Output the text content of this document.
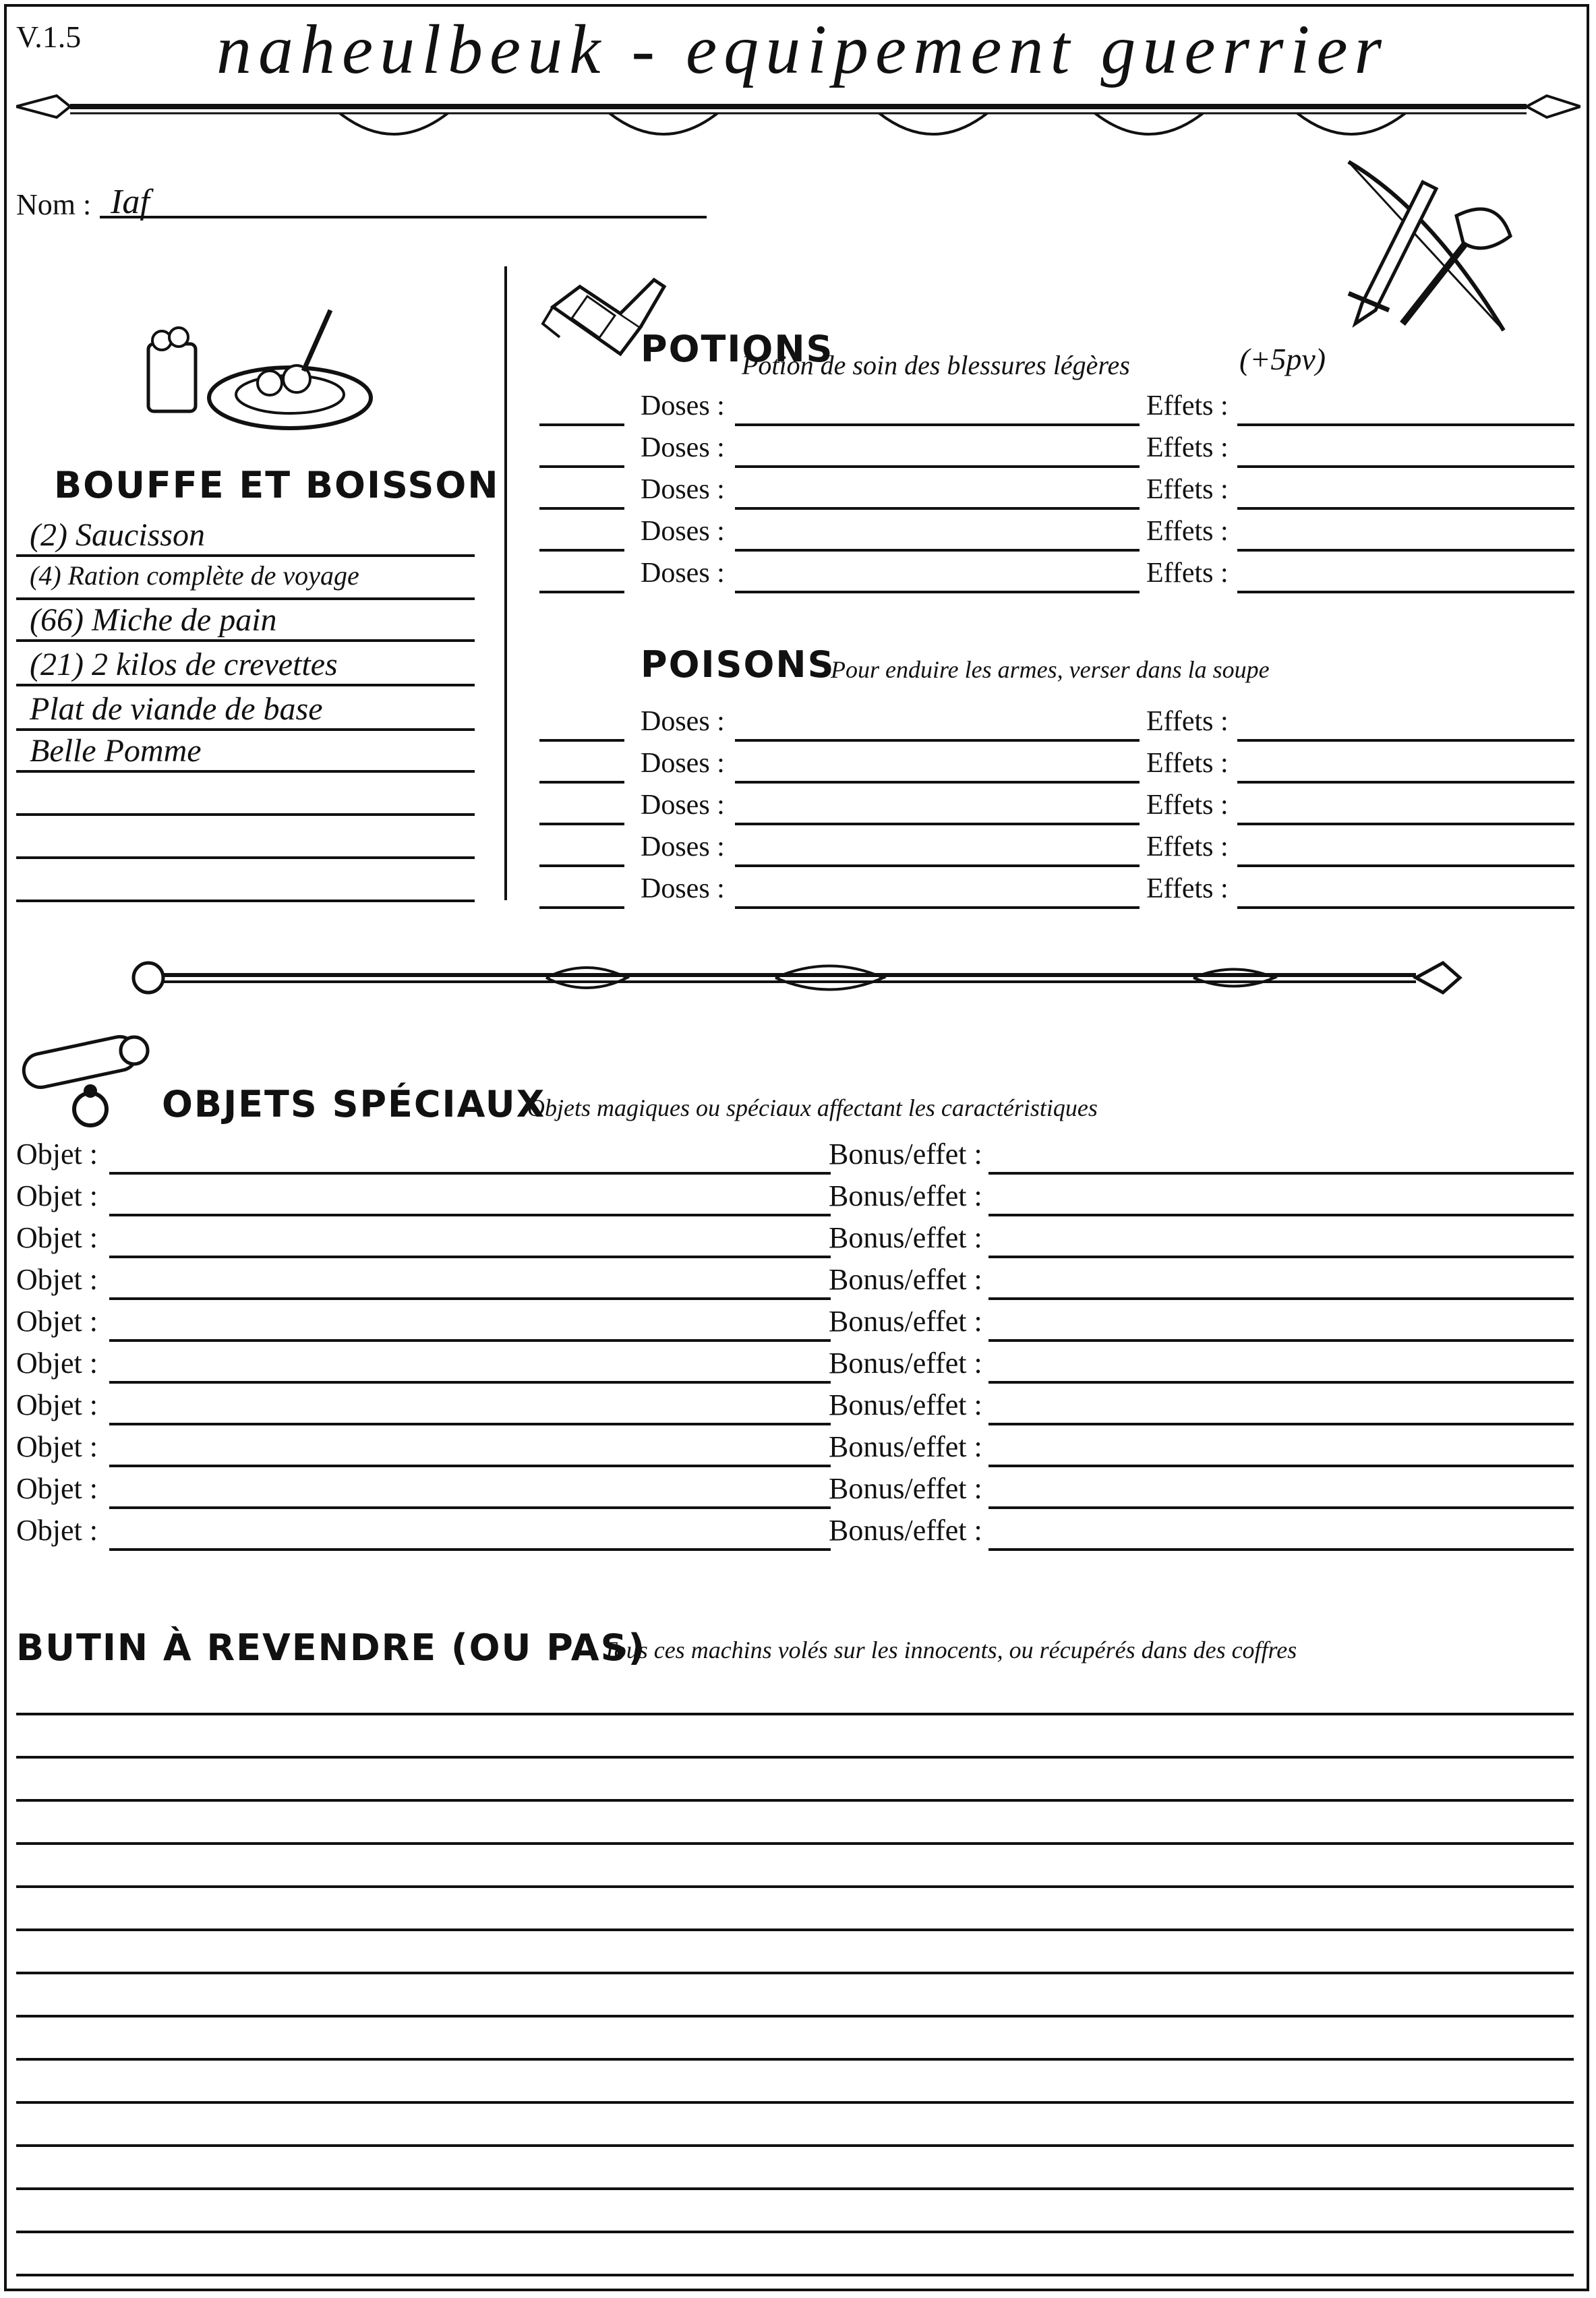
V.1.5	naheulbeuk - equipement guerrier
Nom : Iaf
BOUFFE ET BOISSON
(2) Saucisson
(4) Ration complète de voyage
(66) Miche de pain
(21) 2 kilos de crevettes
Plat de viande de base
Belle Pomme
POTIONS
Potion de soin des blessures légères	(+5pv)
Doses :	Effets :
Doses :	Effets :
Doses :	Effets :
Doses :	Effets :
Doses :	Effets :
POISONS
Pour enduire les armes, verser dans la soupe
Doses :	Effets :
Doses :	Effets :
Doses :	Effets :
Doses :	Effets :
Doses :	Effets :
OBJETS SPÉCIAUX
Objets magiques ou spéciaux affectant les caractéristiques
Objet :	Bonus/effet :
Objet :	Bonus/effet :
Objet :	Bonus/effet :
Objet :	Bonus/effet :
Objet :	Bonus/effet :
Objet :	Bonus/effet :
Objet :	Bonus/effet :
Objet :	Bonus/effet :
Objet :	Bonus/effet :
Objet :	Bonus/effet :
BUTIN À REVENDRE (OU PAS)
Tous ces machins volés sur les innocents, ou récupérés dans des coffres
